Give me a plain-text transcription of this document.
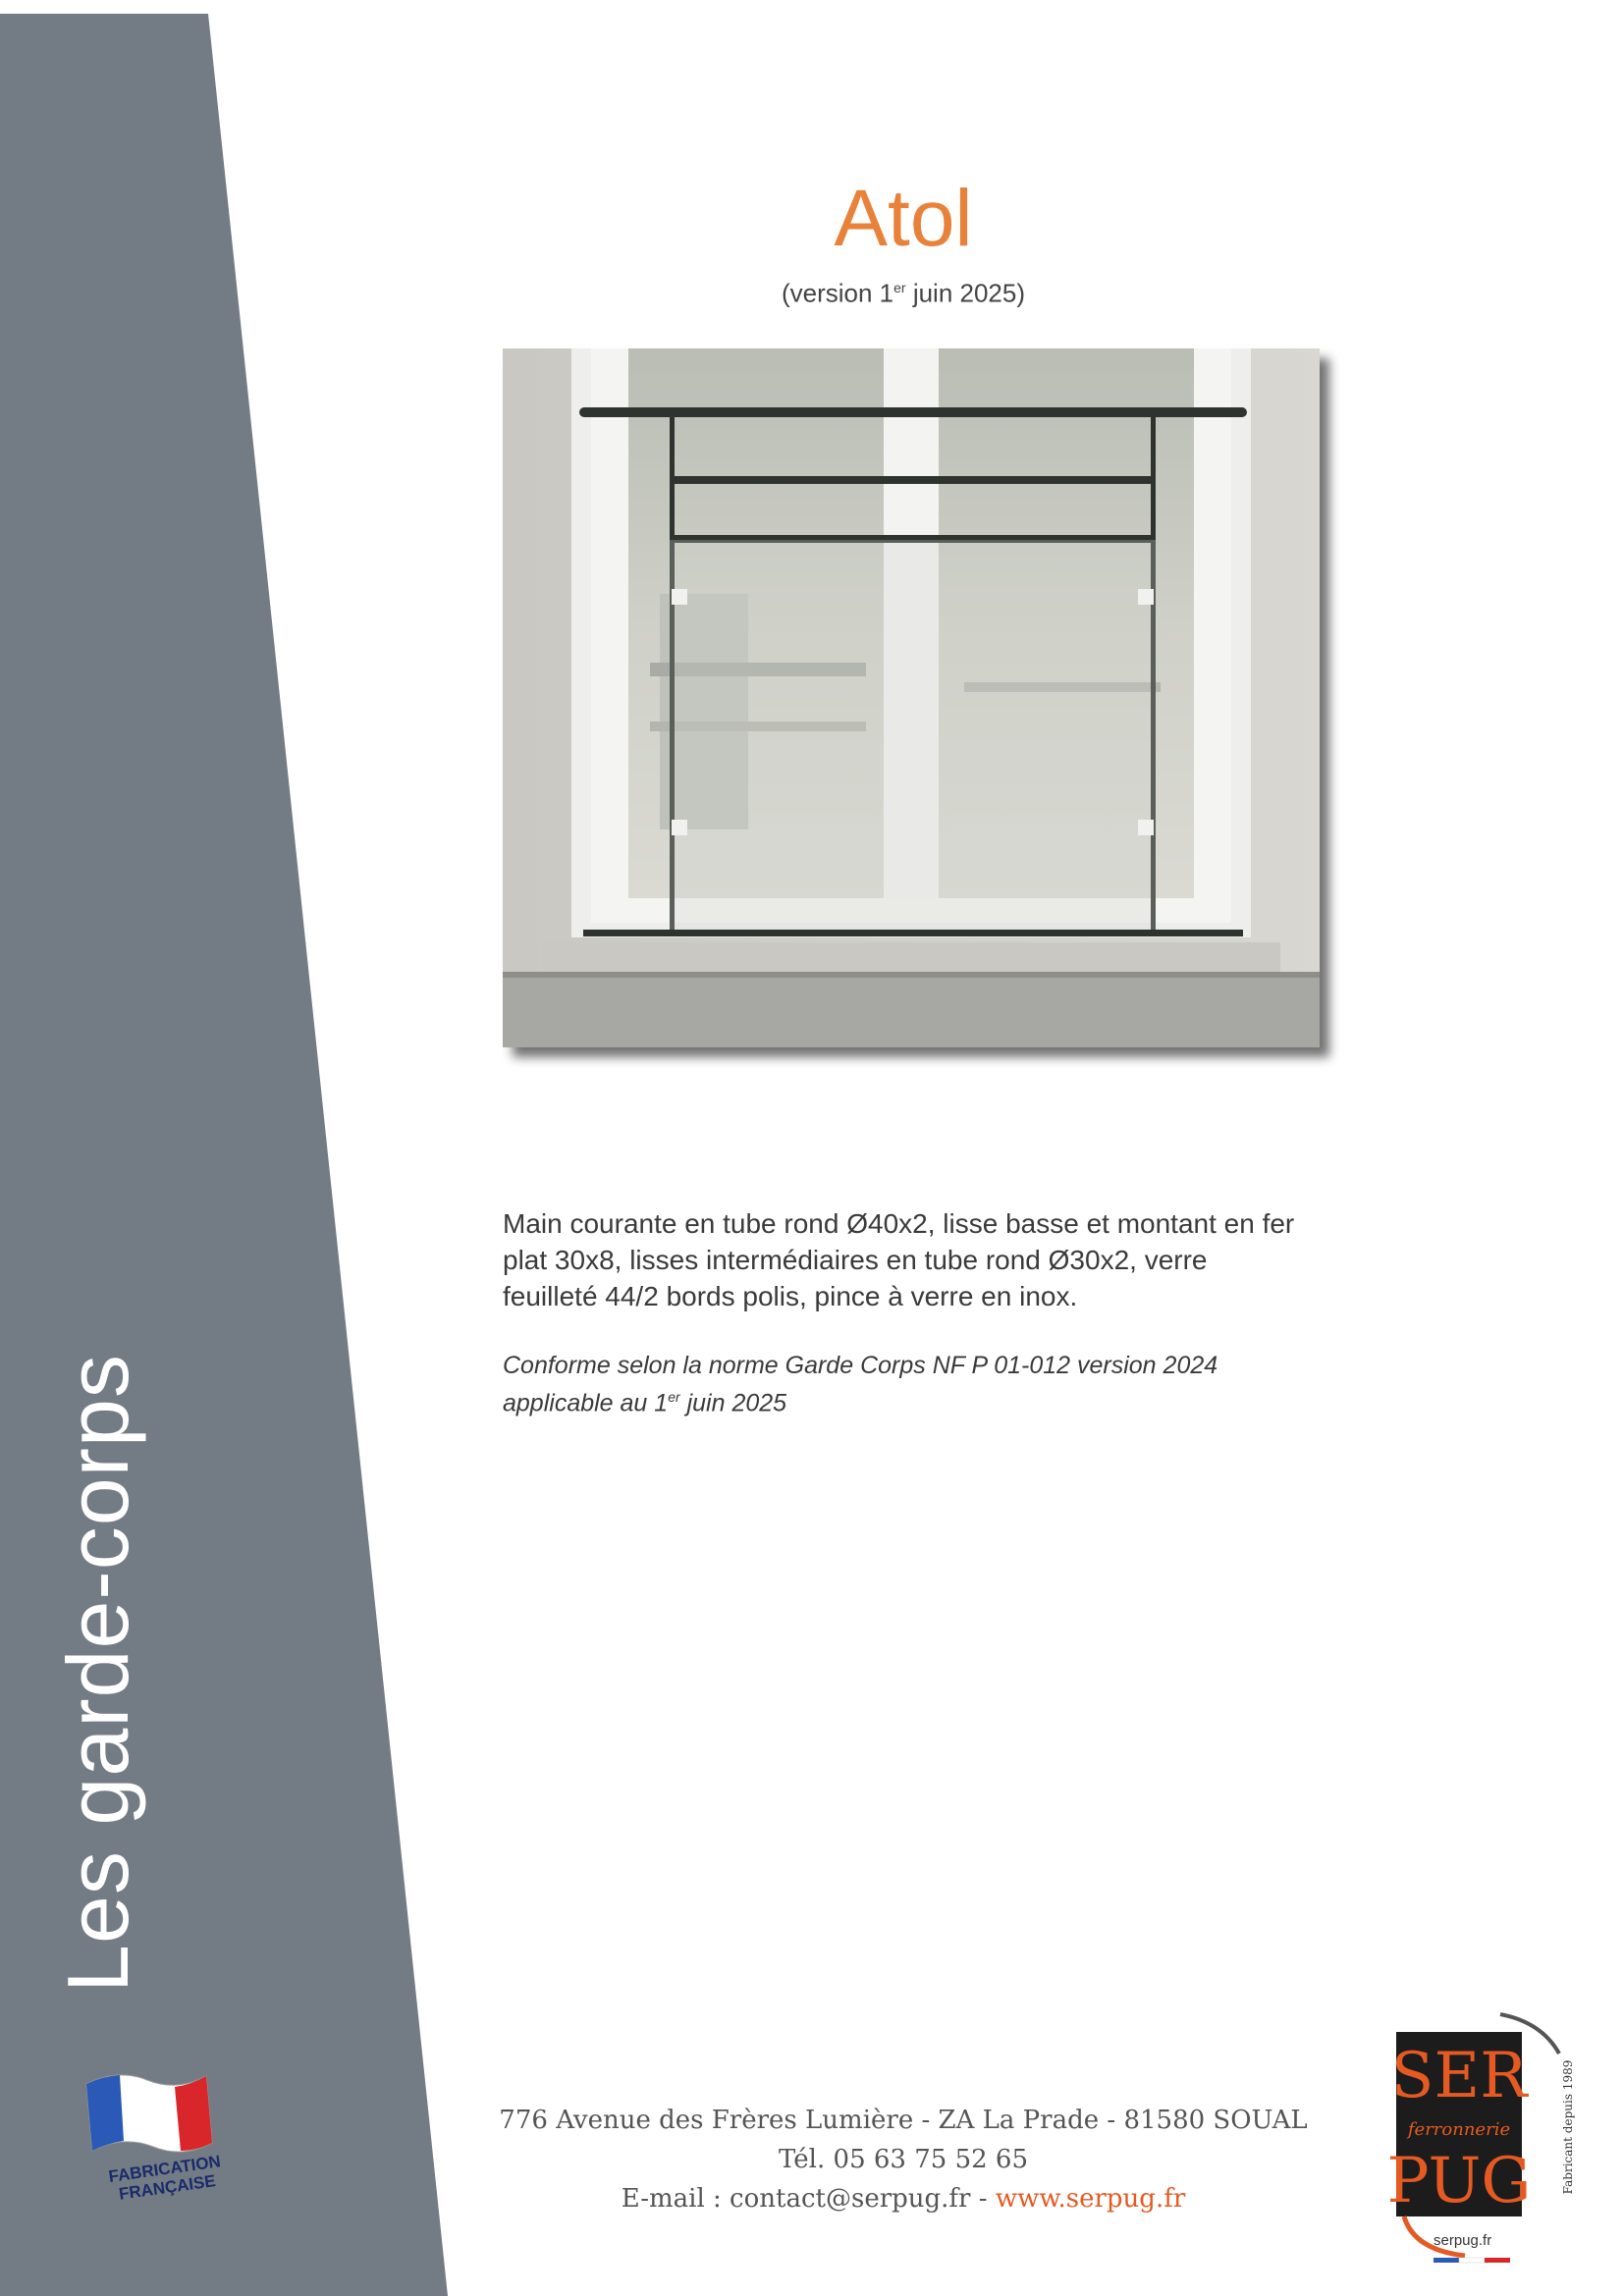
Les garde-corps
FABRICATION FRANÇAISE
Atol
(version 1er juin 2025)
Main courante en tube rond Ø40x2, lisse basse et montant en fer plat 30x8, lisses intermédiaires en tube rond Ø30x2, verre feuilleté 44/2 bords polis, pince à verre en inox.
Conforme selon la norme Garde Corps NF P 01-012 version 2024
applicable au 1er juin 2025
776 Avenue des Frères Lumière - ZA La Prade - 81580 SOUAL
Tél. 05 63 75 52 65
E-mail : contact@serpug.fr - www.serpug.fr
SER
PUG
ferronnerie	Fabricant depuis 1989
serpug.fr
